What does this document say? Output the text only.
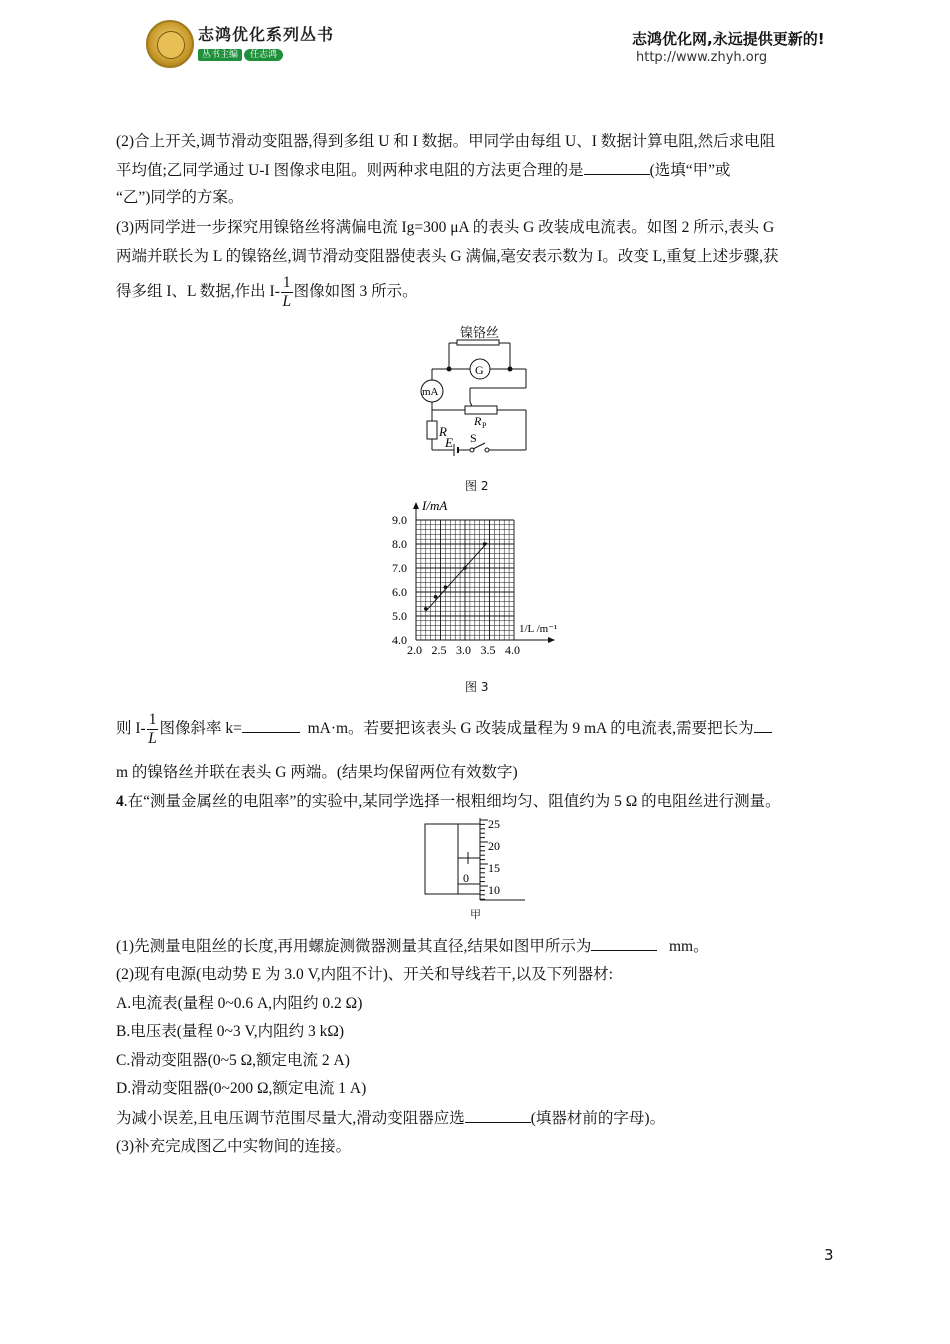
志鸿优化系列丛书
丛书主编 任志鸿
志鸿优化网,永远提供更新的!
http://www.zhyh.org
(2)合上开关,调节滑动变阻器,得到多组 U 和 I 数据。甲同学由每组 U、I 数据计算电阻,然后求电阻
平均值;乙同学通过 U-I 图像求电阻。则两种求电阻的方法更合理的是	(选填“甲”或
“乙”)同学的方案。
(3)两同学进一步探究用镍铬丝将满偏电流 Ig=300 μA 的表头 G 改装成电流表。如图 2 所示,表头 G
两端并联长为 L 的镍铬丝,调节滑动变阻器使表头 G 满偏,毫安表示数为 I。改变 L,重复上述步骤,获
得多组 I、L 数据,作出 $I- \frac{1}{L}$ 图像如图 3 所示。
镍铬丝
G
mA
R P
R
E S
图 2
2.0 2.5 3.0 3.5 4.0
4.0
5.0
6.0
7.0
8.0
9.0
I/mA
1/L /m⁻¹
图 3
则 $I- \frac{1}{L}$ 图像斜率 k=	mA·m。若要把该表头 G 改装成量程为 9 mA 的电流表,需要把长为
m 的镍铬丝并联在表头 G 两端。(结果均保留两位有效数字)
4.在“测量金属丝的电阻率”的实验中,某同学选择一根粗细均匀、阻值约为 5 Ω 的电阻丝进行测量。
0
25
20
15
10
甲
(1)先测量电阻丝的长度,再用螺旋测微器测量其直径,结果如图甲所示为	mm。
(2)现有电源(电动势 E 为 3.0 V,内阻不计)、开关和导线若干,以及下列器材:
A.电流表(量程 0~0.6 A,内阻约 0.2 Ω)
B.电压表(量程 0~3 V,内阻约 3 kΩ)
C.滑动变阻器(0~5 Ω,额定电流 2 A)
D.滑动变阻器(0~200 Ω,额定电流 1 A)
为减小误差,且电压调节范围尽量大,滑动变阻器应选	(填器材前的字母)。
(3)补充完成图乙中实物间的连接。
3
